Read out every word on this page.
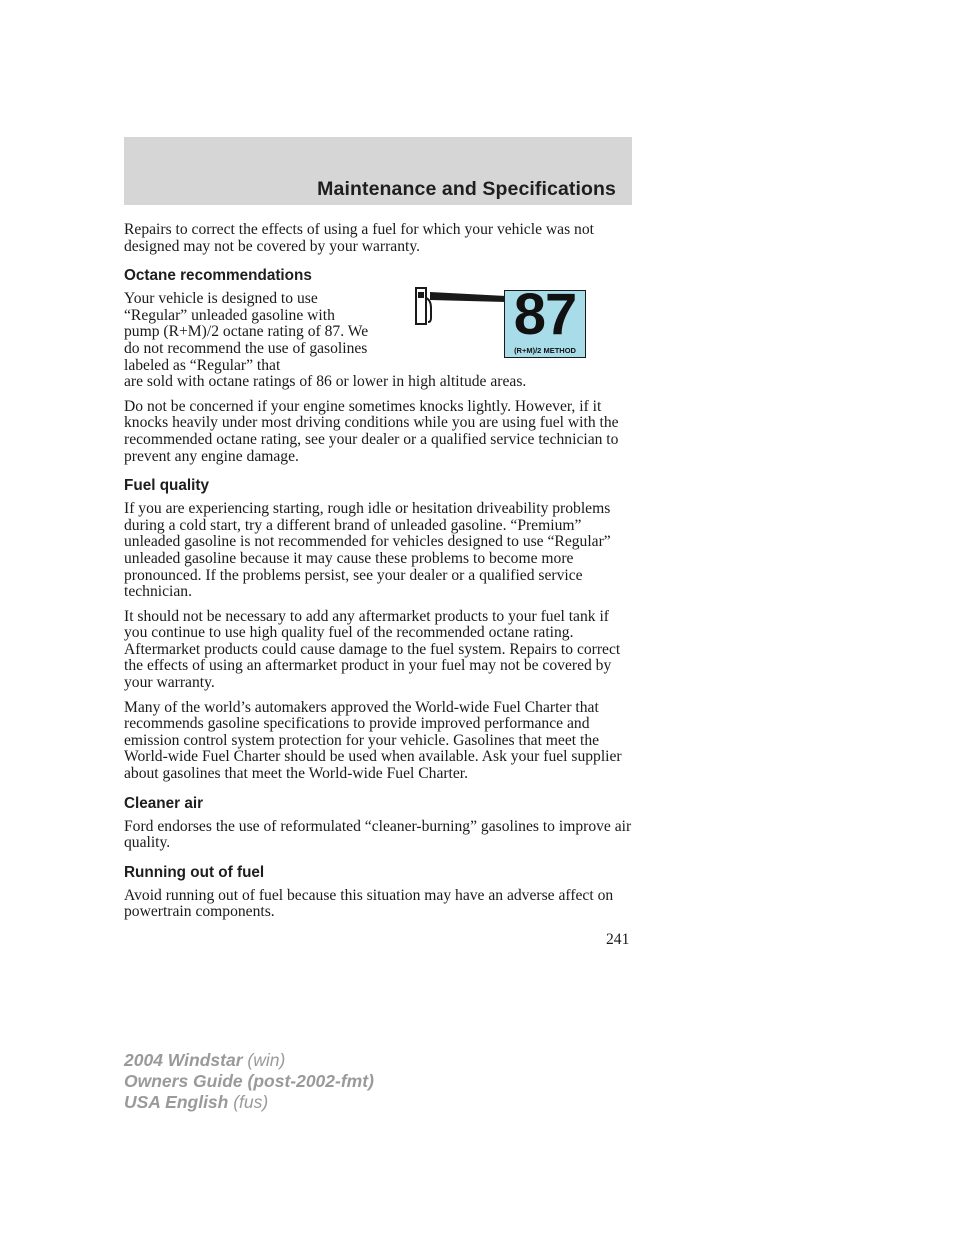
Maintenance and Specifications

Repairs to correct the effects of using a fuel for which your vehicle was not designed may not be covered by your warranty.

Octane recommendations

Your vehicle is designed to use “Regular” unleaded gasoline with pump (R+M)/2 octane rating of 87. We do not recommend the use of gasolines labeled as “Regular” that

87
(R+M)/2 METHOD

are sold with octane ratings of 86 or lower in high altitude areas.

Do not be concerned if your engine sometimes knocks lightly. However, if it knocks heavily under most driving conditions while you are using fuel with the recommended octane rating, see your dealer or a qualified service technician to prevent any engine damage.

Fuel quality

If you are experiencing starting, rough idle or hesitation driveability problems during a cold start, try a different brand of unleaded gasoline. “Premium” unleaded gasoline is not recommended for vehicles designed to use “Regular” unleaded gasoline because it may cause these problems to become more pronounced. If the problems persist, see your dealer or a qualified service technician.

It should not be necessary to add any aftermarket products to your fuel tank if you continue to use high quality fuel of the recommended octane rating. Aftermarket products could cause damage to the fuel system. Repairs to correct the effects of using an aftermarket product in your fuel may not be covered by your warranty.

Many of the world’s automakers approved the World-wide Fuel Charter that recommends gasoline specifications to provide improved performance and emission control system protection for your vehicle. Gasolines that meet the World-wide Fuel Charter should be used when available. Ask your fuel supplier about gasolines that meet the World-wide Fuel Charter.

Cleaner air

Ford endorses the use of reformulated “cleaner-burning” gasolines to improve air quality.

Running out of fuel

Avoid running out of fuel because this situation may have an adverse affect on powertrain components.

241
2004 Windstar (win)
Owners Guide (post-2002-fmt)
USA English (fus)
